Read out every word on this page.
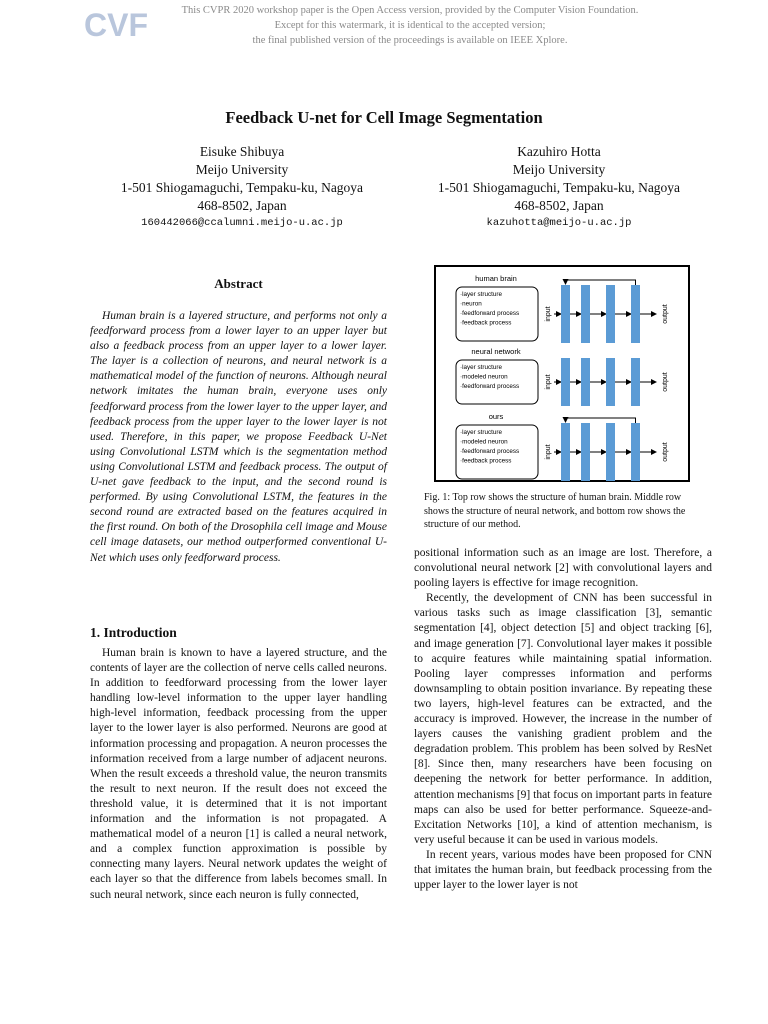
CVF	This CVPR 2020 workshop paper is the Open Access version, provided by the Computer Vision Foundation.
Except for this watermark, it is identical to the accepted version;
the final published version of the proceedings is available on IEEE Xplore.
Feedback U-net for Cell Image Segmentation
Eisuke Shibuya
Meijo University
1-501 Shiogamaguchi, Tempaku-ku, Nagoya
468-8502, Japan
160442066@ccalumni.meijo-u.ac.jp
Kazuhiro Hotta
Meijo University
1-501 Shiogamaguchi, Tempaku-ku, Nagoya
468-8502, Japan
kazuhotta@meijo-u.ac.jp
Abstract

Human brain is a layered structure, and performs not only a feedforward process from a lower layer to an upper layer but also a feedback process from an upper layer to a lower layer. The layer is a collection of neurons, and neural network is a mathematical model of the function of neurons. Although neural network imitates the human brain, everyone uses only feedforward process from the lower layer to the upper layer, and feedback process from the upper layer to the lower layer is not used. Therefore, in this paper, we propose Feedback U-Net using Convolutional LSTM which is the segmentation method using Convolutional LSTM and feedback process. The output of U-net gave feedback to the input, and the second round is performed. By using Convolutional LSTM, the features in the second round are extracted based on the features acquired in the first round. On both of the Drosophila cell image and Mouse cell image datasets, our method outperformed conventional U-Net which uses only feedforward process.

1. Introduction

Human brain is known to have a layered structure, and the contents of layer are the collection of nerve cells called neurons. In addition to feedforward processing from the lower layer handling low-level information to the upper layer handling high-level information, feedback processing from the upper layer to the lower layer is also performed. Neurons are good at information processing and propagation. A neuron processes the information received from a large number of adjacent neurons. When the result exceeds a threshold value, the neuron transmits the result to next neuron. If the result does not exceed the threshold value, it is determined that it is not important information and the information is not propagated. A mathematical model of a neuron [1] is called a neural network, and a complex function approximation is possible by connecting many layers. Neural network updates the weight of each layer so that the difference from labels becomes small. In such neural network, since each neuron is fully connected,

human brain
·layer structure
·neuron
·feedforward process
·feedback process
input	output
neural network
·layer structure
·modeled neuron
·feedforward process	input	output
ours
·layer structure
·modeled neuron
·feedforward process
·feedback process
input	output
Fig. 1: Top row shows the structure of human brain. Middle row shows the structure of neural network, and bottom row shows the structure of our method.

positional information such as an image are lost. Therefore, a convolutional neural network [2] with convolutional layers and pooling layers is effective for image recognition.

Recently, the development of CNN has been successful in various tasks such as image classification [3], semantic segmentation [4], object detection [5] and object tracking [6], and image generation [7]. Convolutional layer makes it possible to acquire features while maintaining spatial information. Pooling layer compresses information and performs downsampling to obtain position invariance. By repeating these two layers, high-level features can be extracted, and the accuracy is improved. However, the increase in the number of layers causes the vanishing gradient problem and the degradation problem. This problem has been solved by ResNet [8]. Since then, many researchers have been focusing on deepening the network for better performance. In addition, attention mechanisms [9] that focus on important parts in feature maps can also be used for better performance. Squeeze-and-Excitation Networks [10], a kind of attention mechanism, is very useful because it can be used in various models.

In recent years, various modes have been proposed for CNN that imitates the human brain, but feedback processing from the upper layer to the lower layer is not
